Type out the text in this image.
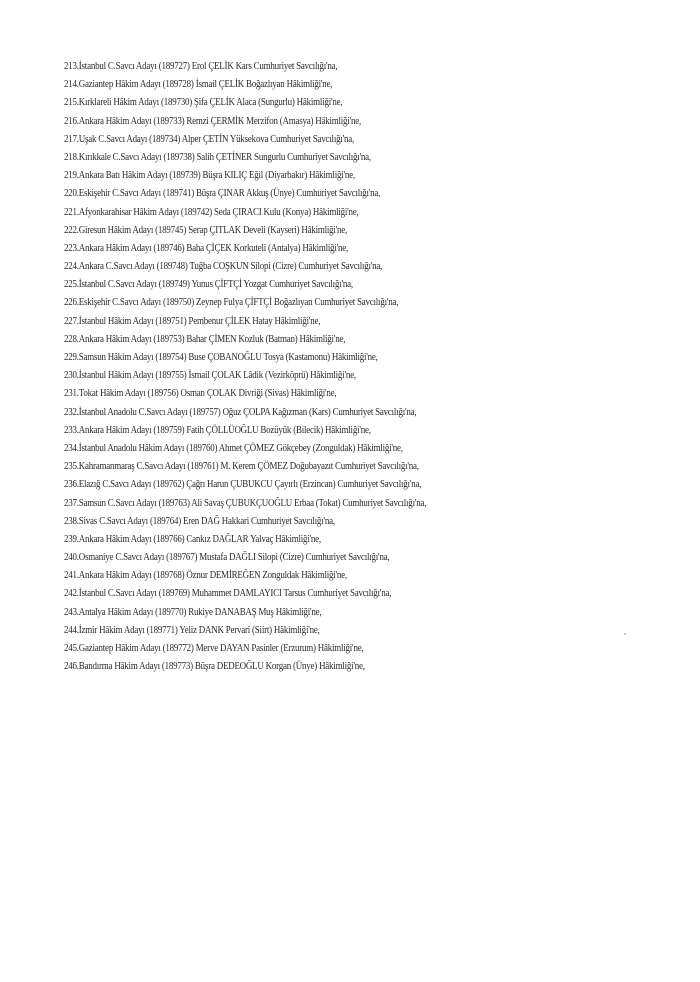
213.İstanbul C.Savcı Adayı (189727) Erol ÇELİK Kars Cumhuriyet Savcılığı'na,
214.Gaziantep Hâkim Adayı (189728) İsmail ÇELİK Boğazlıyan Hâkimliği'ne,
215.Kırklareli Hâkim Adayı (189730) Şifa ÇELİK Alaca (Sungurlu) Hâkimliği'ne,
216.Ankara Hâkim Adayı (189733) Remzi ÇERMİK Merzifon (Amasya) Hâkimliği'ne,
217.Uşak C.Savcı Adayı (189734) Alper ÇETİN Yüksekova Cumhuriyet Savcılığı'na,
218.Kırıkkale C.Savcı Adayı (189738) Salih ÇETİNER Sungurlu Cumhuriyet Savcılığı'na,
219.Ankara Batı Hâkim Adayı (189739) Büşra KILIÇ Eğil (Diyarbakır) Hâkimliği'ne,
220.Eskişehir C.Savcı Adayı (189741) Büşra ÇINAR Akkuş (Ünye) Cumhuriyet Savcılığı'na,
221.Afyonkarahisar Hâkim Adayı (189742) Seda ÇIRACI Kulu (Konya) Hâkimliği'ne,
222.Giresun Hâkim Adayı (189745) Serap ÇITLAK Develi (Kayseri) Hâkimliği'ne,
223.Ankara Hâkim Adayı (189746) Baha ÇİÇEK Korkuteli (Antalya) Hâkimliği'ne,
224.Ankara C.Savcı Adayı (189748) Tuğba COŞKUN Silopi (Cizre) Cumhuriyet Savcılığı'na,
225.İstanbul C.Savcı Adayı (189749) Yunus ÇİFTÇİ Yozgat Cumhuriyet Savcılığı'na,
226.Eskişehir C.Savcı Adayı (189750) Zeynep Fulya ÇİFTÇİ Boğazlıyan Cumhuriyet Savcılığı'na,
227.İstanbul Hâkim Adayı (189751) Pembenur ÇİLEK Hatay Hâkimliği'ne,
228.Ankara Hâkim Adayı (189753) Bahar ÇİMEN Kozluk (Batman) Hâkimliği'ne,
229.Samsun Hâkim Adayı (189754) Buse ÇOBANOĞLU Tosya (Kastamonu) Hâkimliği'ne,
230.İstanbul Hâkim Adayı (189755) İsmail ÇOLAK Lâdik (Vezirköprü) Hâkimliği'ne,
231.Tokat Hâkim Adayı (189756) Osman ÇOLAK Divriği (Sivas) Hâkimliği'ne,
232.İstanbul Anadolu C.Savcı Adayı (189757) Oğuz ÇOLPA Kağızman (Kars) Cumhuriyet Savcılığı'na,
233.Ankara Hâkim Adayı (189759) Fatih ÇÖLLÜOĞLU Bozüyük (Bilecik) Hâkimliği'ne,
234.İstanbul Anadolu Hâkim Adayı (189760) Ahmet ÇÖMEZ Gökçebey (Zonguldak) Hâkimliği'ne,
235.Kahramanmaraş C.Savcı Adayı (189761) M. Kerem ÇÖMEZ Doğubayazıt Cumhuriyet Savcılığı'na,
236.Elazığ C.Savcı Adayı (189762) Çağrı Harun ÇUBUKCU Çayırlı (Erzincan) Cumhuriyet Savcılığı'na,
237.Samsun C.Savcı Adayı (189763) Ali Savaş ÇUBUKÇUOĞLU Erbaa (Tokat) Cumhuriyet Savcılığı'na,
238.Sivas C.Savcı Adayı (189764) Eren DAĞ Hakkari Cumhuriyet Savcılığı'na,
239.Ankara Hâkim Adayı (189766) Cankız DAĞLAR Yalvaç Hâkimliği'ne,
240.Osmaniye C.Savcı Adayı (189767) Mustafa DAĞLI Silopi (Cizre) Cumhuriyet Savcılığı'na,
241.Ankara Hâkim Adayı (189768) Öznur DEMİREĞEN Zonguldak Hâkimliği'ne,
242.İstanbul C.Savcı Adayı (189769) Muhammet DAMLAYICI Tarsus Cumhuriyet Savcılığı'na,
243.Antalya Hâkim Adayı (189770) Rukiye DANABAŞ Muş Hâkimliği'ne,
244.İzmir Hâkim Adayı (189771) Yeliz DANK Pervari (Siirt) Hâkimliği'ne,
245.Gaziantep Hâkim Adayı (189772) Merve DAYAN Pasinler (Erzurum) Hâkimliği'ne,
246.Bandırma Hâkim Adayı (189773) Büşra DEDEOĞLU Korgan (Ünye) Hâkimliği'ne,
